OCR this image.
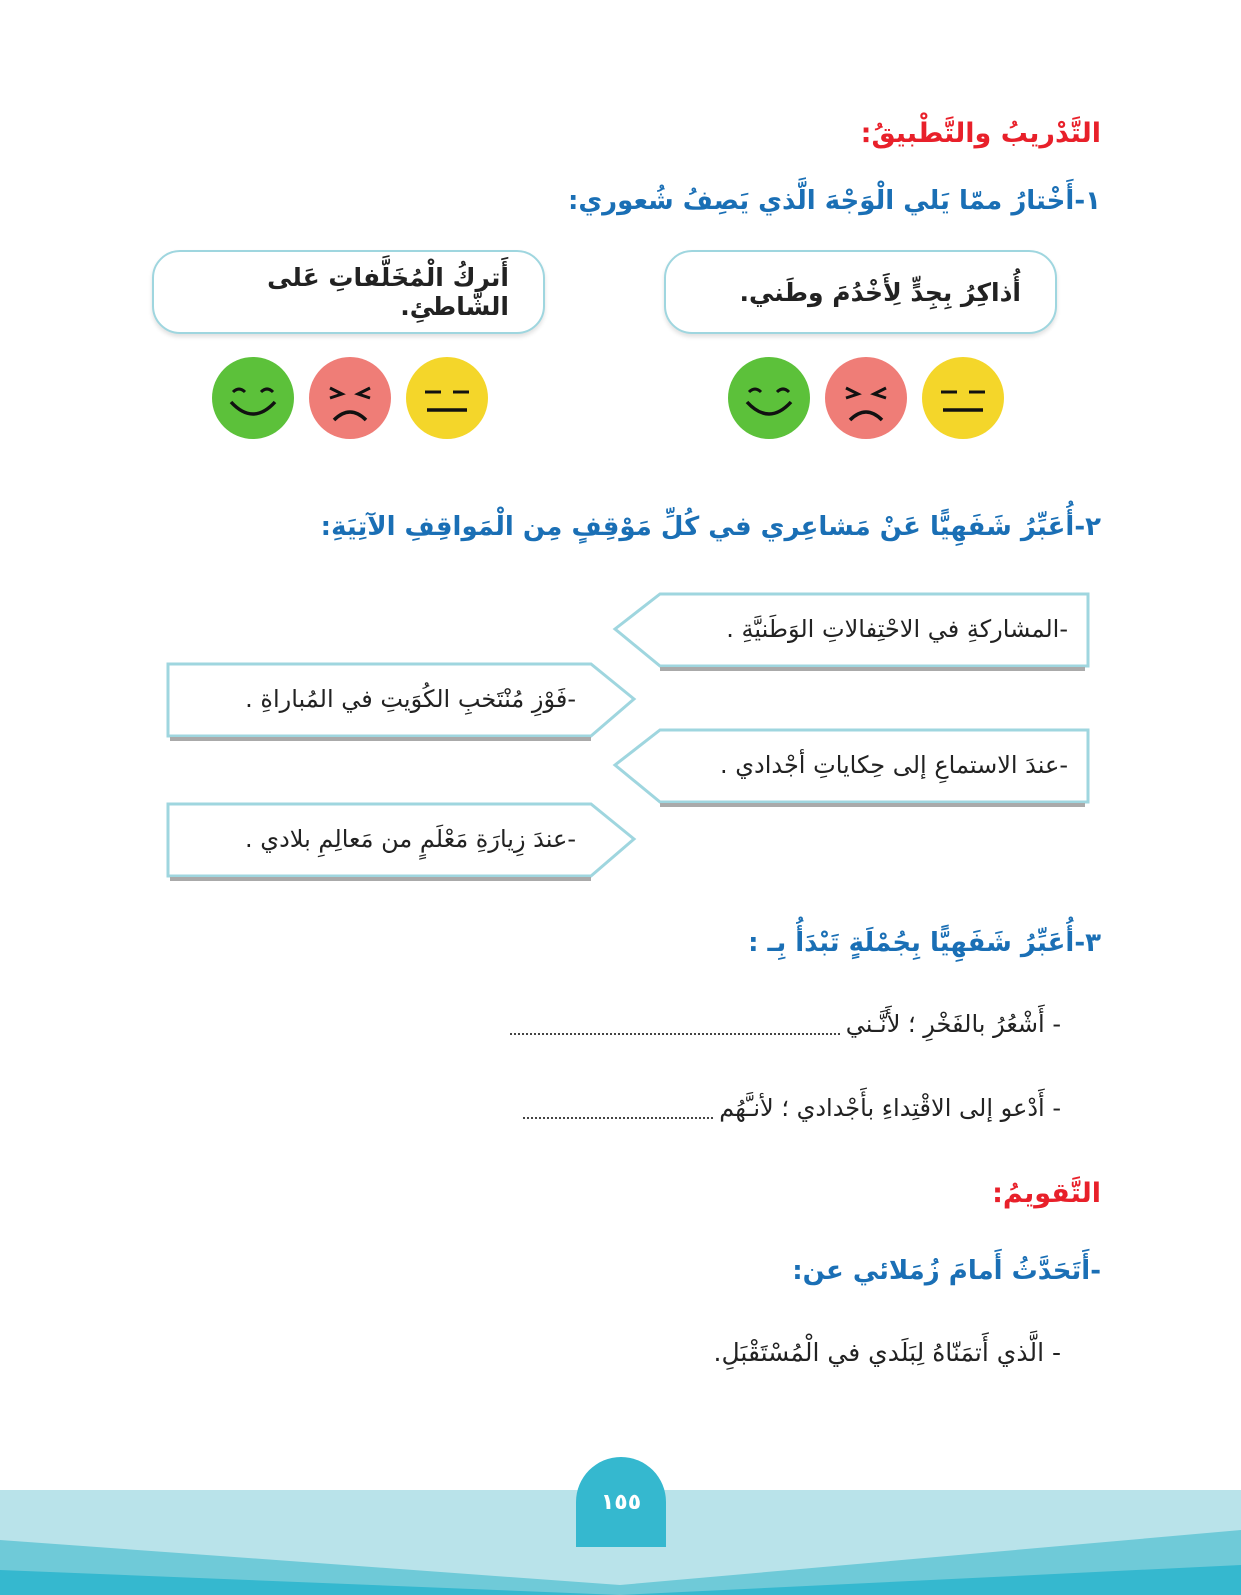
التَّدْريبُ والتَّطْبيقُ:
١-أَخْتارُ ممّا يَلي الْوَجْهَ الَّذي يَصِفُ شُعوري:
أُذاكِرُ بِجِدٍّ لِأَخْدُمَ وطَني.
أَتركُ الْمُخَلَّفاتِ عَلى الشّاطئِ.
٢-أُعَبِّرُ شَفَهِيًّا عَنْ مَشاعِري في كُلِّ مَوْقِفٍ مِن الْمَواقِفِ الآتِيَةِ:
-المشاركةِ في الاحْتِفالاتِ الوَطَنيَّةِ .
-فَوْزِ مُنْتَخبِ الكُوَيتِ في المُباراةِ .
-عندَ الاستماعِ إلى حِكاياتِ أجْدادي .
-عندَ زِيارَةِ مَعْلَمٍ من مَعالِمِ بلادي .
٣-أُعَبِّرُ شَفَهِيًّا بِجُمْلَةٍ تَبْدَأُ بِـ :
- أَشْعُرُ بالفَخْرِ ؛ لأَنَّـني
- أَدْعو إلى الاقْتِداءِ بأَجْدادي ؛ لأنـَّهُم
التَّقويمُ:
-أَتَحَدَّثُ أَمامَ زُمَلائي عن:
- الَّذي أَتمَنّاهُ لِبَلَدي في الْمُسْتَقْبَلِ.
١٥٥
